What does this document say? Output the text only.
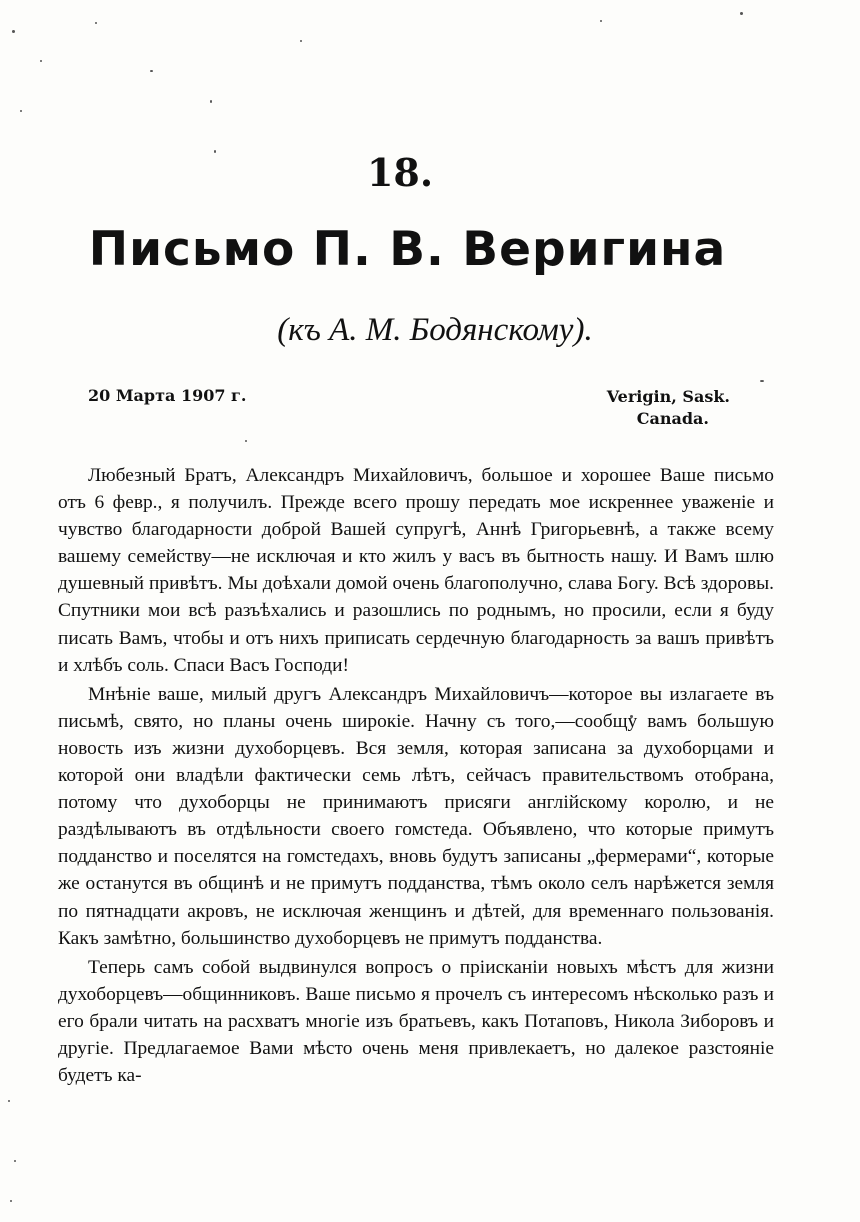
18.
Письмо П. В. Веригина
(къ А. М. Бодянскому).
20 Марта 1907 г.	Verigin, Sask.
Canada.

Любезный Братъ, Александръ Михайловичъ, большое и хорошее Ваше письмо отъ 6 февр., я получилъ. Прежде всего прошу передать мое искреннее уваженіе и чувство благодарности доброй Вашей супругѣ, Аннѣ Григорьевнѣ, а также всему вашему семейству—не исключая и кто жилъ у васъ въ бытность нашу. И Вамъ шлю душевный привѣтъ. Мы доѣхали домой очень благополучно, слава Богу. Всѣ здоровы. Спутники мои всѣ разъѣхались и разошлись по роднымъ, но просили, если я буду писать Вамъ, чтобы и отъ нихъ приписать сердечную благодарность за вашъ привѣтъ и хлѣбъ соль. Спаси Васъ Господи!

Мнѣніе ваше, милый другъ Александръ Михайловичъ—которое вы излагаете въ письмѣ, свято, но планы очень широкіе. Начну съ того,—сообщу вамъ большую новость изъ жизни духоборцевъ. Вся земля, которая записана за духоборцами и которой они владѣли фактически семь лѣтъ, сейчасъ правительствомъ отобрана, потому что духоборцы не принимаютъ присяги англійскому королю, и не раздѣлываютъ въ отдѣльности своего гомстеда. Объявлено, что которые примутъ подданство и поселятся на гомстедахъ, вновь будутъ записаны „фермерами“, которые же останутся въ общинѣ и не примутъ подданства, тѣмъ около селъ нарѣжется земля по пятнадцати акровъ, не исключая женщинъ и дѣтей, для временнаго пользованія. Какъ замѣтно, большинство духоборцевъ не примутъ подданства.

Теперь самъ собой выдвинулся вопросъ о пріисканіи новыхъ мѣстъ для жизни духоборцевъ—общинниковъ. Ваше письмо я прочелъ съ интересомъ нѣсколько разъ и его брали читать на расхватъ многіе изъ братьевъ, какъ Потаповъ, Никола Зиборовъ и другіе. Предлагаемое Вами мѣсто очень меня привлекаетъ, но далекое разстояніе будетъ ка-
